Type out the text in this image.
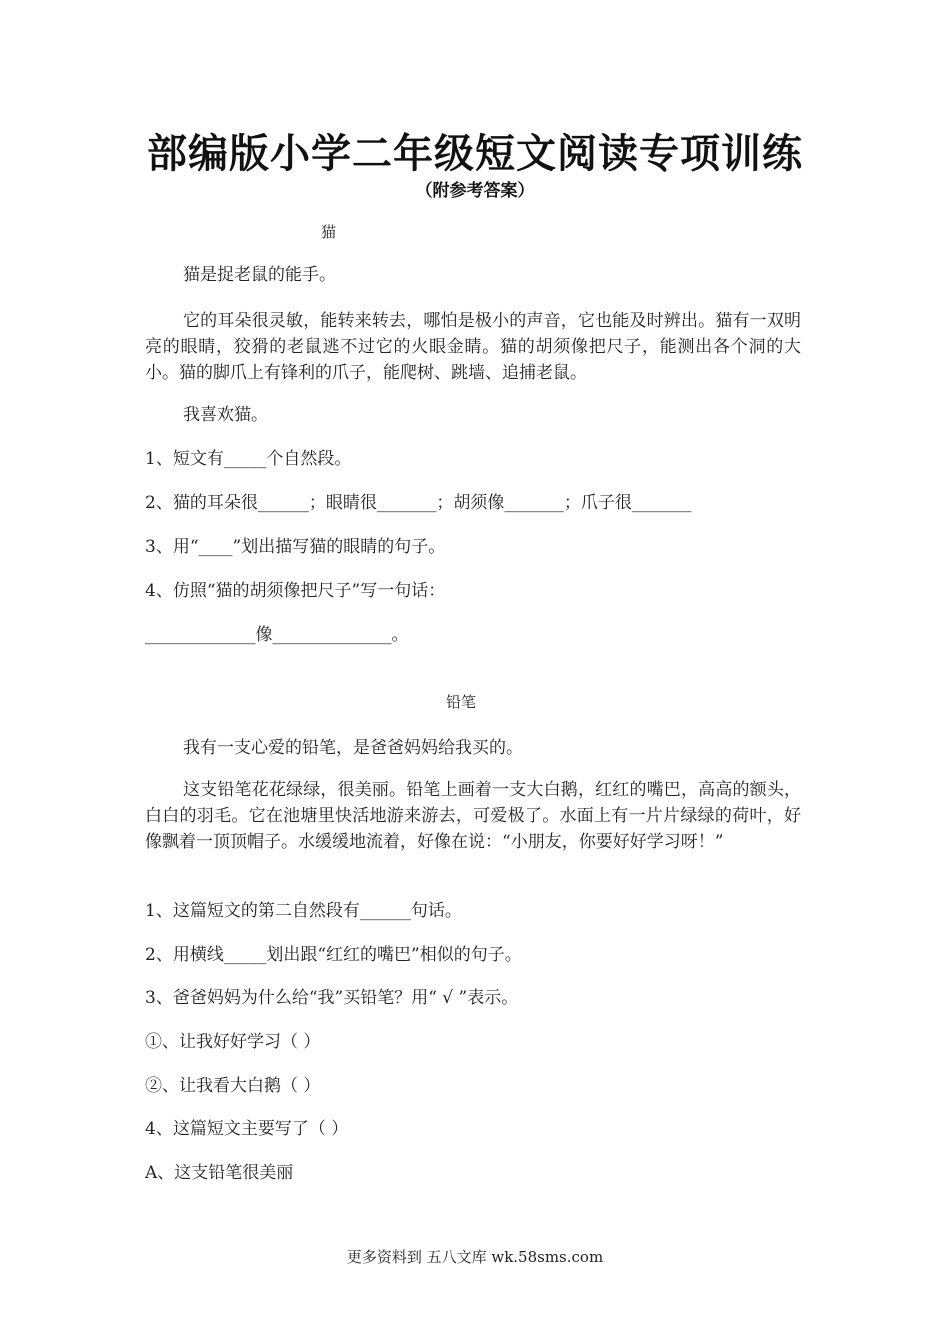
部编版小学二年级短文阅读专项训练
（附参考答案）
猫
猫是捉老鼠的能手。
它的耳朵很灵敏，能转来转去，哪怕是极小的声音，它也能及时辨出。猫有一双明亮的眼睛，狡猾的老鼠逃不过它的火眼金睛。猫的胡须像把尺子，能测出各个洞的大小。猫的脚爪上有锋利的爪子，能爬树、跳墙、追捕老鼠。
我喜欢猫。
1、短文有_____个自然段。
2、猫的耳朵很______；眼睛很_______；胡须像_______；爪子很_______
3、用“____”划出描写猫的眼睛的句子。
4、仿照“猫的胡须像把尺子”写一句话：
_____________像______________。
铅笔
我有一支心爱的铅笔，是爸爸妈妈给我买的。
这支铅笔花花绿绿，很美丽。铅笔上画着一支大白鹅，红红的嘴巴，高高的额头，白白的羽毛。它在池塘里快活地游来游去，可爱极了。水面上有一片片绿绿的荷叶，好像飘着一顶顶帽子。水缓缓地流着，好像在说：“小朋友，你要好好学习呀！”
1、这篇短文的第二自然段有______句话。
2、用横线_____划出跟“红红的嘴巴”相似的句子。
3、爸爸妈妈为什么给“我”买铅笔？用“ √ ”表示。
①、让我好好学习（ ）
②、让我看大白鹅（ ）
4、这篇短文主要写了（ ）
A、这支铅笔很美丽
更多资料到 五八文库 wk.58sms.com
